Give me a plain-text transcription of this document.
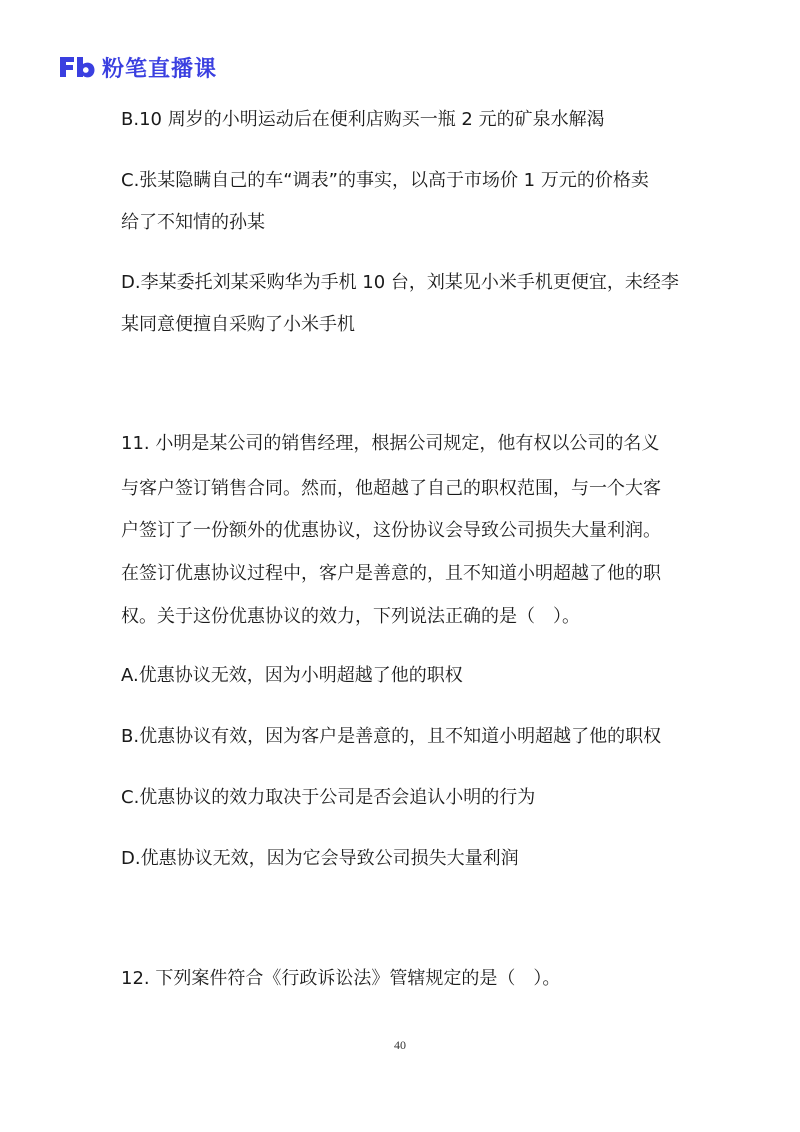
粉笔直播课
B.10 周岁的小明运动后在便利店购买一瓶 2 元的矿泉水解渴
C.张某隐瞒自己的车“调表”的事实，以高于市场价 1 万元的价格卖
给了不知情的孙某
D.李某委托刘某采购华为手机 10 台，刘某见小米手机更便宜，未经李
某同意便擅自采购了小米手机
11. 小明是某公司的销售经理，根据公司规定，他有权以公司的名义
与客户签订销售合同。然而，他超越了自己的职权范围，与一个大客
户签订了一份额外的优惠协议，这份协议会导致公司损失大量利润。
在签订优惠协议过程中，客户是善意的，且不知道小明超越了他的职
权。关于这份优惠协议的效力，下列说法正确的是（　）。
A.优惠协议无效，因为小明超越了他的职权
B.优惠协议有效，因为客户是善意的，且不知道小明超越了他的职权
C.优惠协议的效力取决于公司是否会追认小明的行为
D.优惠协议无效，因为它会导致公司损失大量利润
12. 下列案件符合《行政诉讼法》管辖规定的是（　）。
40
